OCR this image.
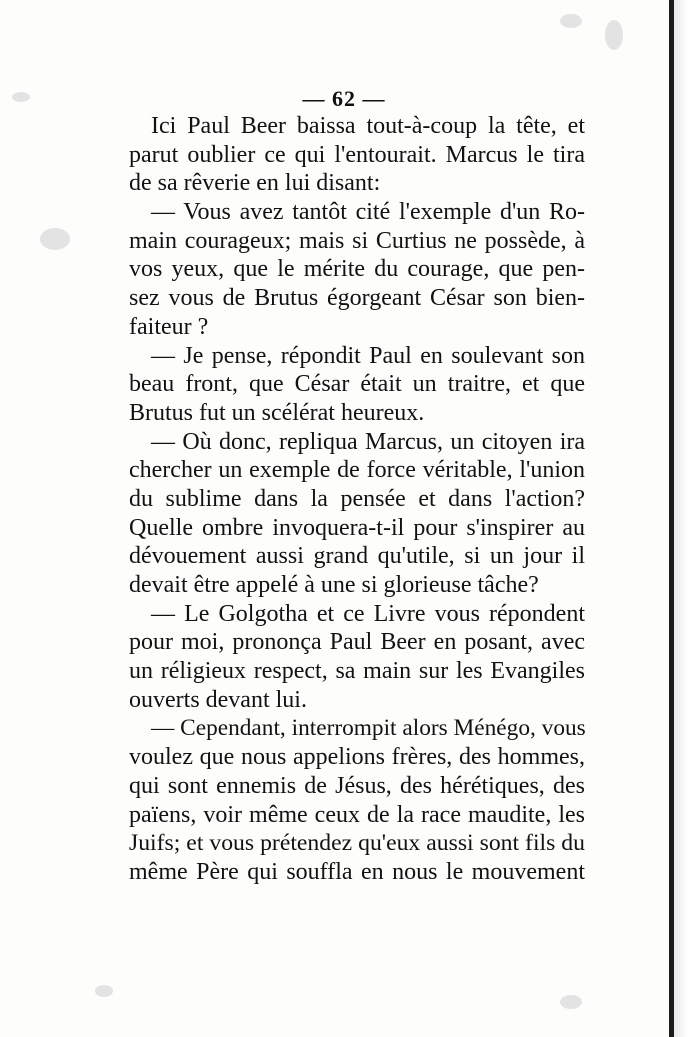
— 62 —
Ici Paul Beer baissa tout-à-coup la tête, et
parut oublier ce qui l'entourait. Marcus le tira
de sa rêverie en lui disant:
— Vous avez tantôt cité l'exemple d'un Ro-
main courageux; mais si Curtius ne possède, à
vos yeux, que le mérite du courage, que pen-
sez vous de Brutus égorgeant César son bien-
faiteur ?
— Je pense, répondit Paul en soulevant son
beau front, que César était un traitre, et que
Brutus fut un scélérat heureux.
— Où donc, repliqua Marcus, un citoyen ira
chercher un exemple de force véritable, l'union
du sublime dans la pensée et dans l'action?
Quelle ombre invoquera-t-il pour s'inspirer au
dévouement aussi grand qu'utile, si un jour il
devait être appelé à une si glorieuse tâche?
— Le Golgotha et ce Livre vous répondent
pour moi, prononça Paul Beer en posant, avec
un réligieux respect, sa main sur les Evangiles
ouverts devant lui.
— Cependant, interrompit alors Ménégo, vous
voulez que nous appelions frères, des hommes,
qui sont ennemis de Jésus, des hérétiques, des
païens, voir même ceux de la race maudite, les
Juifs; et vous prétendez qu'eux aussi sont fils du
même Père qui souffla en nous le mouvement
